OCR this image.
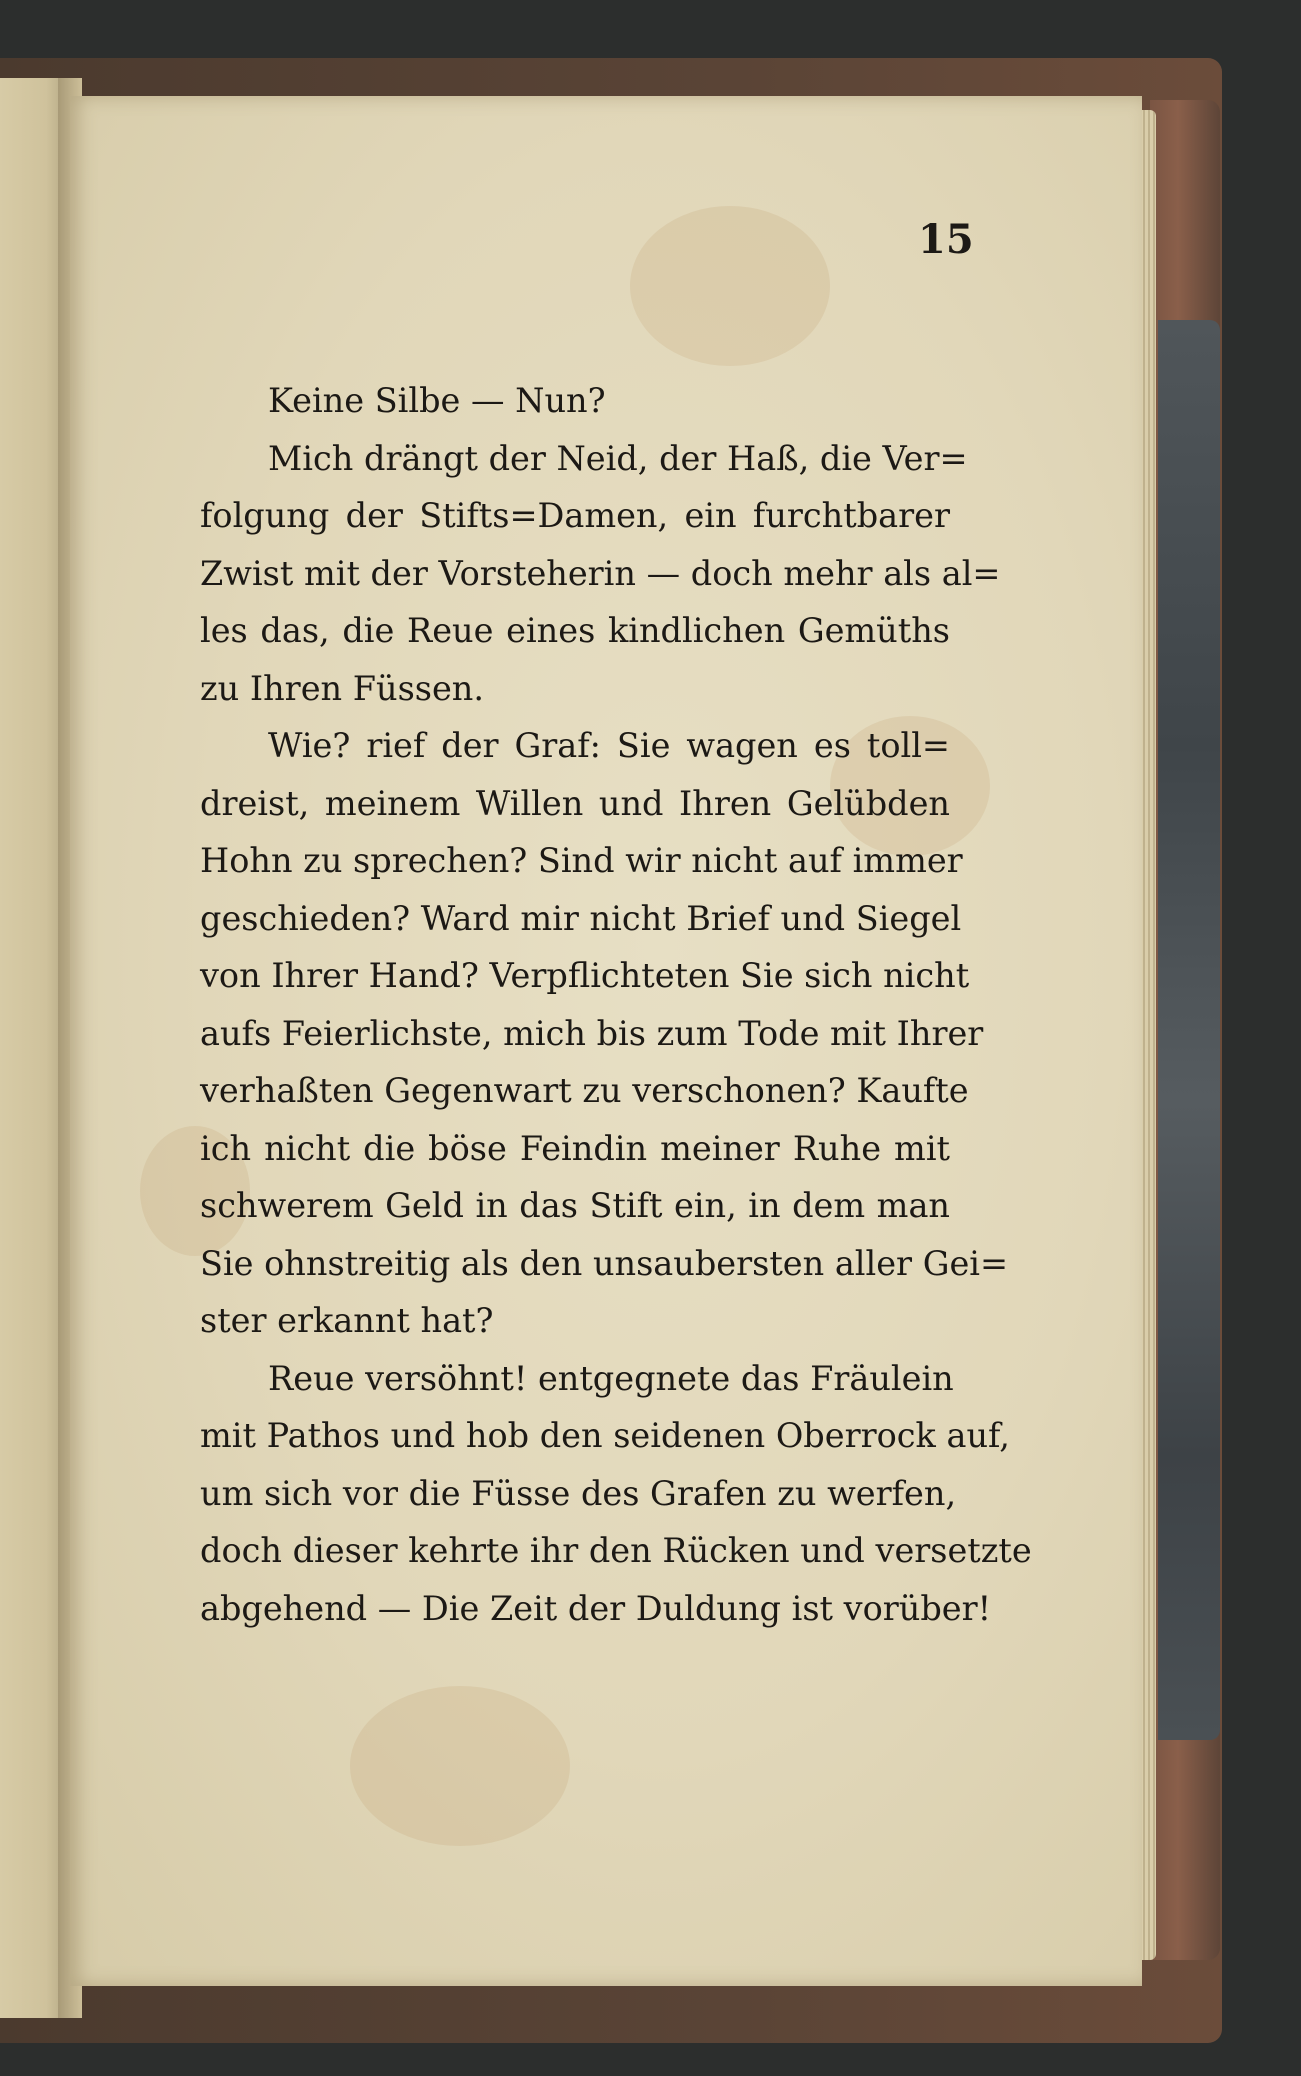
15
Keine Silbe — Nun?
Mich drängt der Neid, der Haß, die Ver=
folgung der Stifts=Damen, ein furchtbarer
Zwist mit der Vorsteherin — doch mehr als al=
les das, die Reue eines kindlichen Gemüths
zu Ihren Füssen.
Wie? rief der Graf: Sie wagen es toll=
dreist, meinem Willen und Ihren Gelübden
Hohn zu sprechen? Sind wir nicht auf immer
geschieden? Ward mir nicht Brief und Siegel
von Ihrer Hand? Verpflichteten Sie sich nicht
aufs Feierlichste, mich bis zum Tode mit Ihrer
verhaßten Gegenwart zu verschonen? Kaufte
ich nicht die böse Feindin meiner Ruhe mit
schwerem Geld in das Stift ein, in dem man
Sie ohnstreitig als den unsaubersten aller Gei=
ster erkannt hat?
Reue versöhnt! entgegnete das Fräulein
mit Pathos und hob den seidenen Oberrock auf,
um sich vor die Füsse des Grafen zu werfen,
doch dieser kehrte ihr den Rücken und versetzte
abgehend — Die Zeit der Duldung ist vorüber!
